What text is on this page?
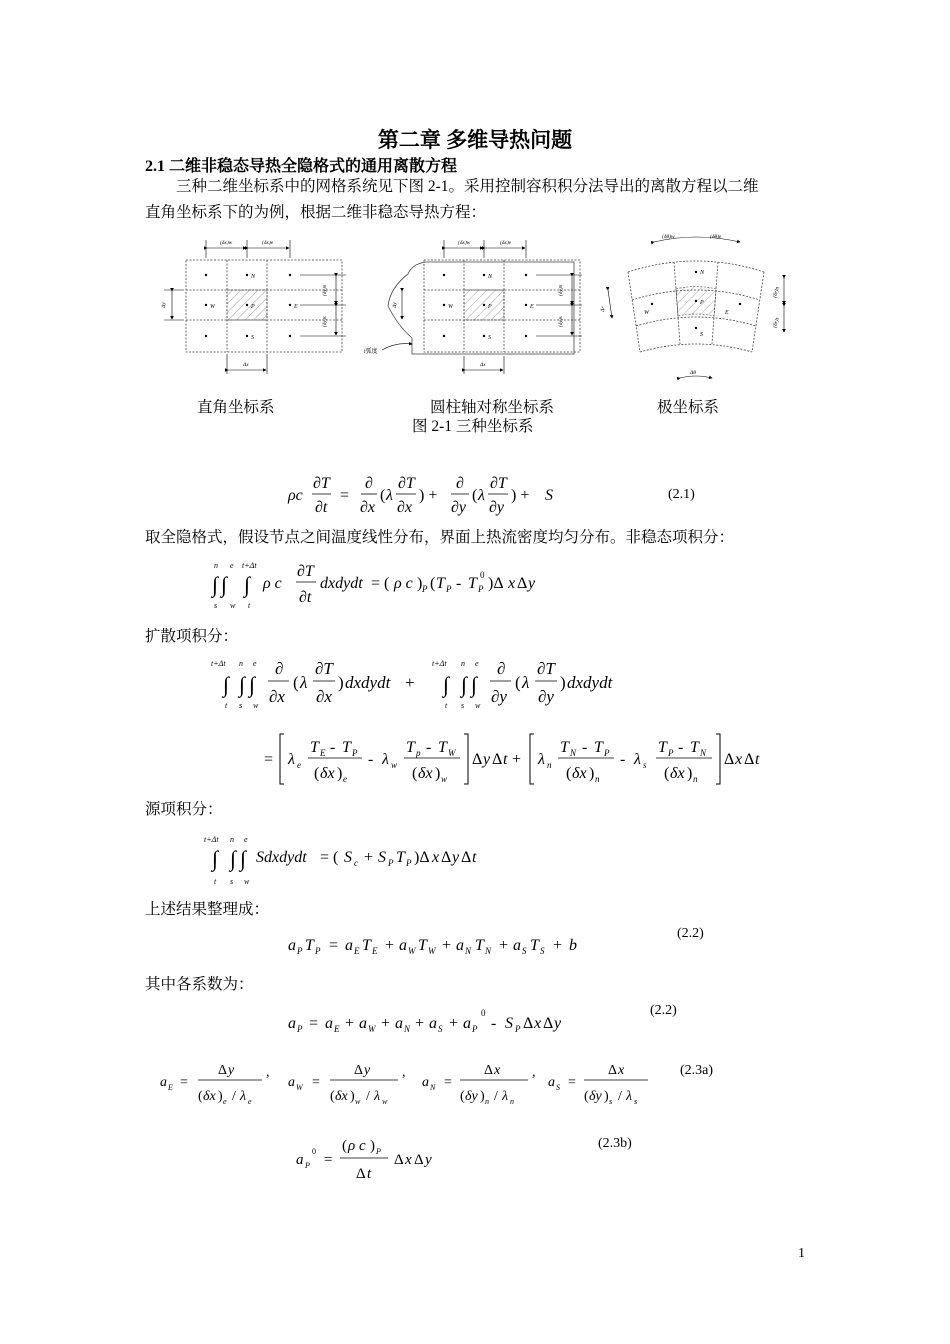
第二章 多维导热问题
2.1 二维非稳态导热全隐格式的通用离散方程
三种二维坐标系中的网格系统见下图 2-1。采用控制容积积分法导出的离散方程以二维
直角坐标系下的为例，根据二维非稳态导热方程：
N
W	P	E
S
(δx)w	(δx)e
(δy)n
(δy)s
Δy
Δx
N
W	P	E
S
(δx)w	(δx)e
(δy)n
(δy)s
Δy
Δx
i弧度
N
W
P
E
S
(δθ)w	(δθ)e
(δr)n
(δr)s
Δr
Δθ
直角坐标系	圆柱轴对称坐标系	极坐标系
图 2-1 三种坐标系
ρc
∂T
∂t
=
∂
∂x
( λ
∂T
∂x
) +
∂
∂y
( λ
∂T
∂y
) + S	(2.1)
取全隐格式，假设节点之间温度线性分布，界面上热流密度均匀分布。非稳态项积分：
n e t+Δt
s w t
∫ ∫ ∫ ρ c
∂T
∂t
dxdydt = ( ρ c ) P ( T P - T P
0 )Δ x Δ y
扩散项积分：
t+Δt n e
t s w
∫ ∫ ∫
∂
∂x
( λ
∂T
∂x
) dxdydt +
t+Δt n e
t s w
∫ ∫ ∫
∂
∂y
( λ
∂T
∂y
) dxdydt
= λ e
T E - T P
( δx ) e
- λ w
T p - T W
( δx ) w
Δ y Δ t + λ n
T N - T P
( δx ) n
- λ s
T P - T N
( δx ) n
Δ x Δ t
源项积分：
t+Δt n e
t s w
∫ ∫ ∫ Sdxdydt = ( S c + S P T P )Δ x Δ y Δ t
上述结果整理成：
a P T P = a E T E + a W T W + a N T N + a S T S + b
(2.2)
其中各系数为：
a P = a E + a W + a N + a S + a P
0
- S P Δ x Δ y
(2.2)
a E =
Δ y
( δx ) e / λ e
,
a W =
Δ y
( δx ) w / λ w
,
a N =
Δ x
( δy ) n / λ n
,
a S =
Δ x
( δy ) s / λ s
(2.3a)
a P
0
=
( ρ c ) P
Δ t
Δ x Δ y
(2.3b)
1
